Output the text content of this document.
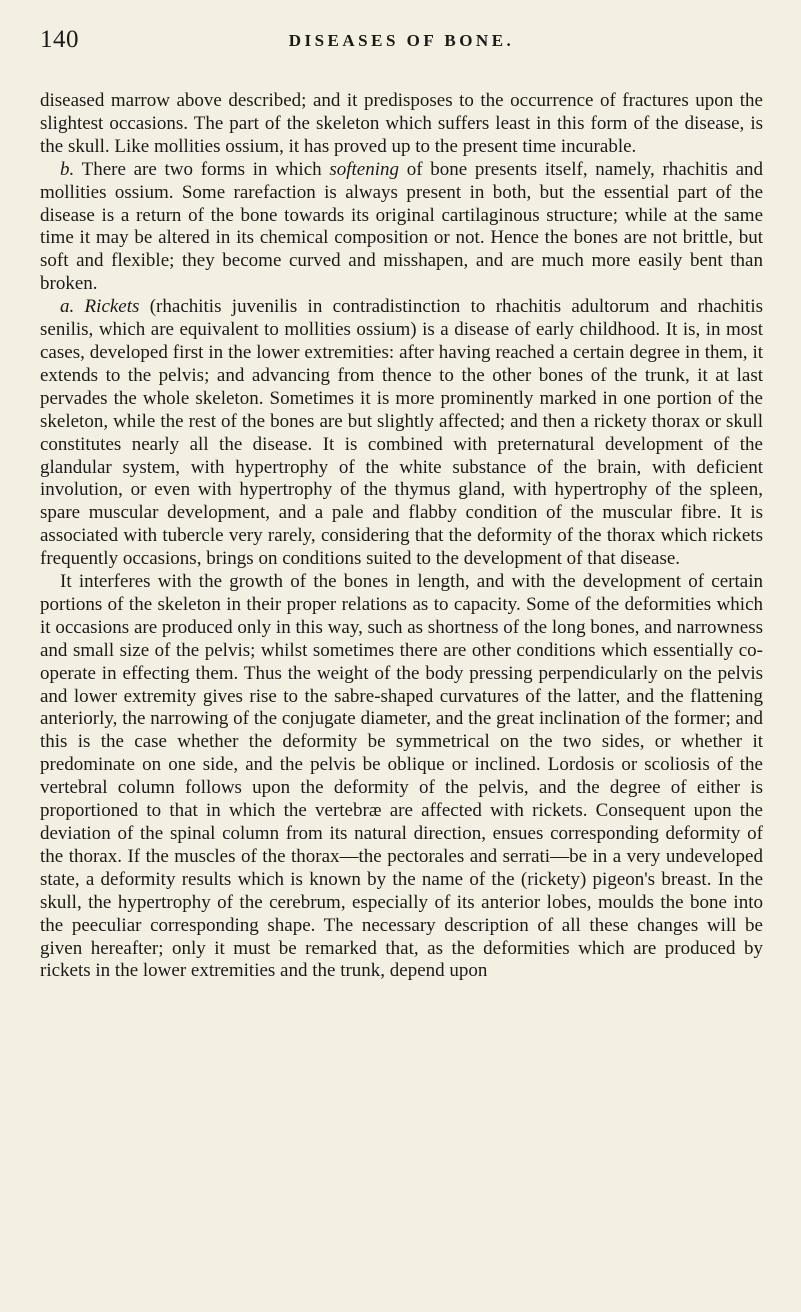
140	DISEASES OF BONE.

diseased marrow above described; and it predisposes to the occurrence of fractures upon the slightest occasions. The part of the skeleton which suffers least in this form of the disease, is the skull. Like mollities ossium, it has proved up to the present time incurable.

b. There are two forms in which softening of bone presents itself, namely, rhachitis and mollities ossium. Some rarefaction is always present in both, but the essential part of the disease is a return of the bone towards its original cartilaginous structure; while at the same time it may be altered in its chemical composition or not. Hence the bones are not brittle, but soft and flexible; they become curved and misshapen, and are much more easily bent than broken.

a. Rickets (rhachitis juvenilis in contradistinction to rhachitis adultorum and rhachitis senilis, which are equivalent to mollities ossium) is a disease of early childhood. It is, in most cases, developed first in the lower extremities: after having reached a certain degree in them, it extends to the pelvis; and advancing from thence to the other bones of the trunk, it at last pervades the whole skeleton. Sometimes it is more prominently marked in one portion of the skeleton, while the rest of the bones are but slightly affected; and then a rickety thorax or skull constitutes nearly all the disease. It is combined with preternatural development of the glandular system, with hypertrophy of the white substance of the brain, with deficient involution, or even with hypertrophy of the thymus gland, with hypertrophy of the spleen, spare muscular development, and a pale and flabby condition of the muscular fibre. It is associated with tubercle very rarely, considering that the deformity of the thorax which rickets frequently occasions, brings on conditions suited to the development of that disease.

It interferes with the growth of the bones in length, and with the development of certain portions of the skeleton in their proper relations as to capacity. Some of the deformities which it occasions are produced only in this way, such as shortness of the long bones, and narrowness and small size of the pelvis; whilst sometimes there are other conditions which essentially co-operate in effecting them. Thus the weight of the body pressing perpendicularly on the pelvis and lower extremity gives rise to the sabre-shaped curvatures of the latter, and the flattening anteriorly, the narrowing of the conjugate diameter, and the great inclination of the former; and this is the case whether the deformity be symmetrical on the two sides, or whether it predominate on one side, and the pelvis be oblique or inclined. Lordosis or scoliosis of the vertebral column follows upon the deformity of the pelvis, and the degree of either is proportioned to that in which the vertebræ are affected with rickets. Consequent upon the deviation of the spinal column from its natural direction, ensues corresponding deformity of the thorax. If the muscles of the thorax—the pectorales and serrati—be in a very undeveloped state, a deformity results which is known by the name of the (rickety) pigeon's breast. In the skull, the hypertrophy of the cerebrum, especially of its anterior lobes, moulds the bone into the peeculiar corresponding shape. The necessary description of all these changes will be given hereafter; only it must be remarked that, as the deformities which are produced by rickets in the lower extremities and the trunk, depend upon
